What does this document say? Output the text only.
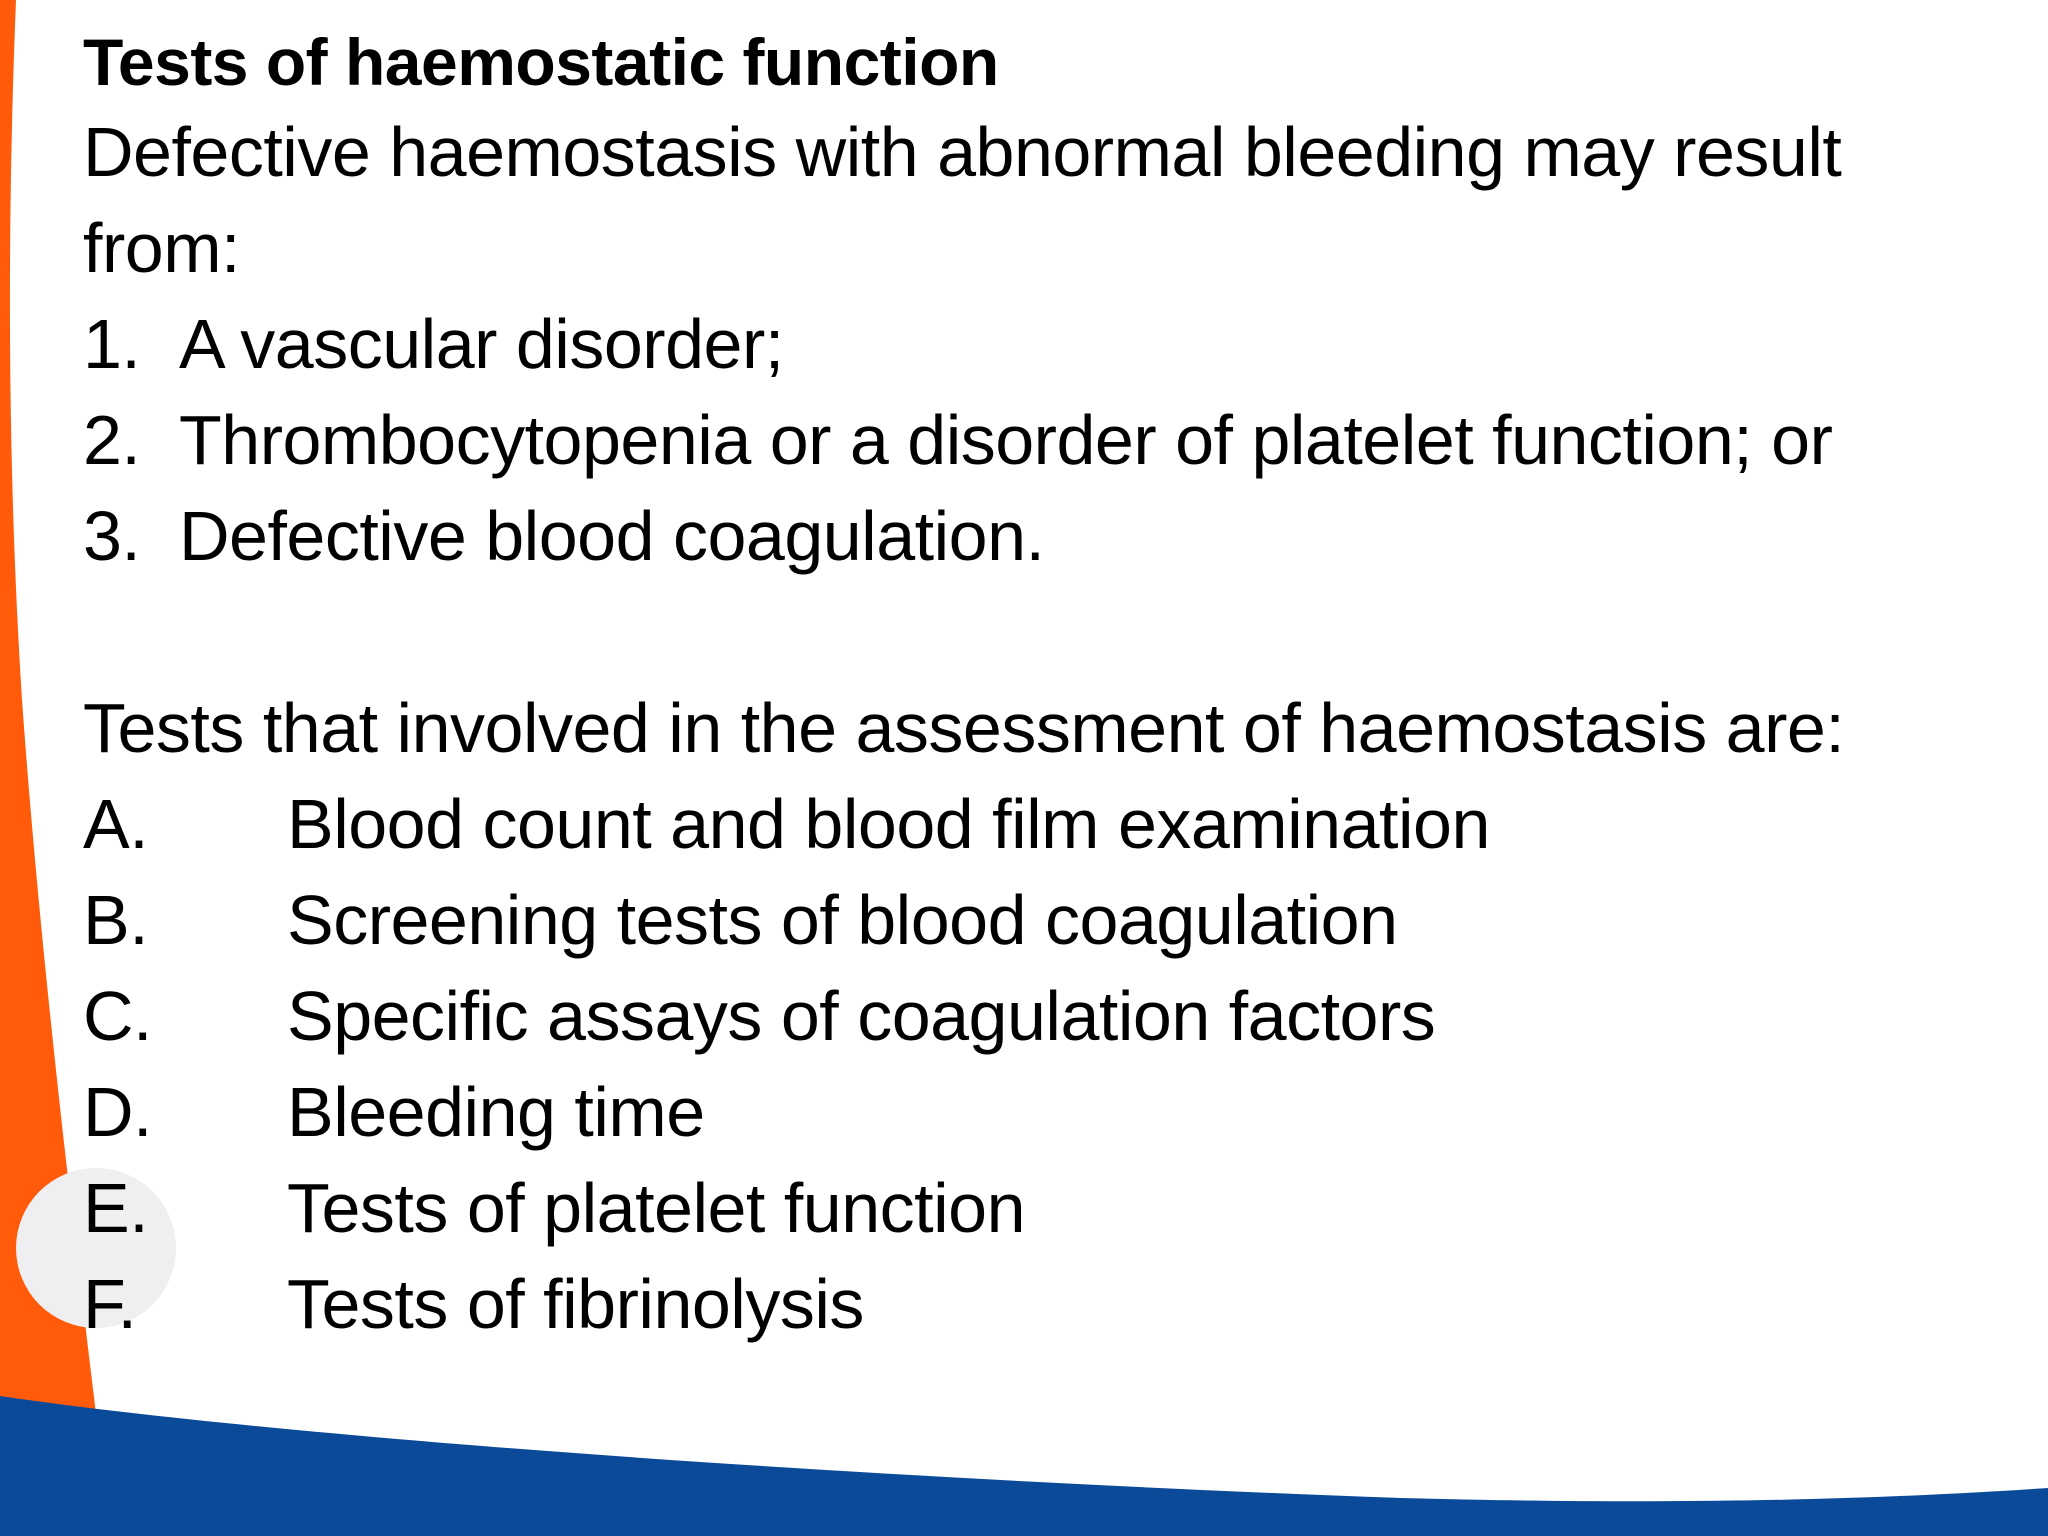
Tests of haemostatic function

Defective haemostasis with abnormal bleeding may result

from:

1. A vascular disorder;
2. Thrombocytopenia or a disorder of platelet function; or
3. Defective blood coagulation.

Tests that involved in the assessment of haemostasis are:

A.	Blood count and blood film examination
B.	Screening tests of blood coagulation
C.	Specific assays of coagulation factors
D.	Bleeding time
E.	Tests of platelet function
F.	Tests of fibrinolysis
